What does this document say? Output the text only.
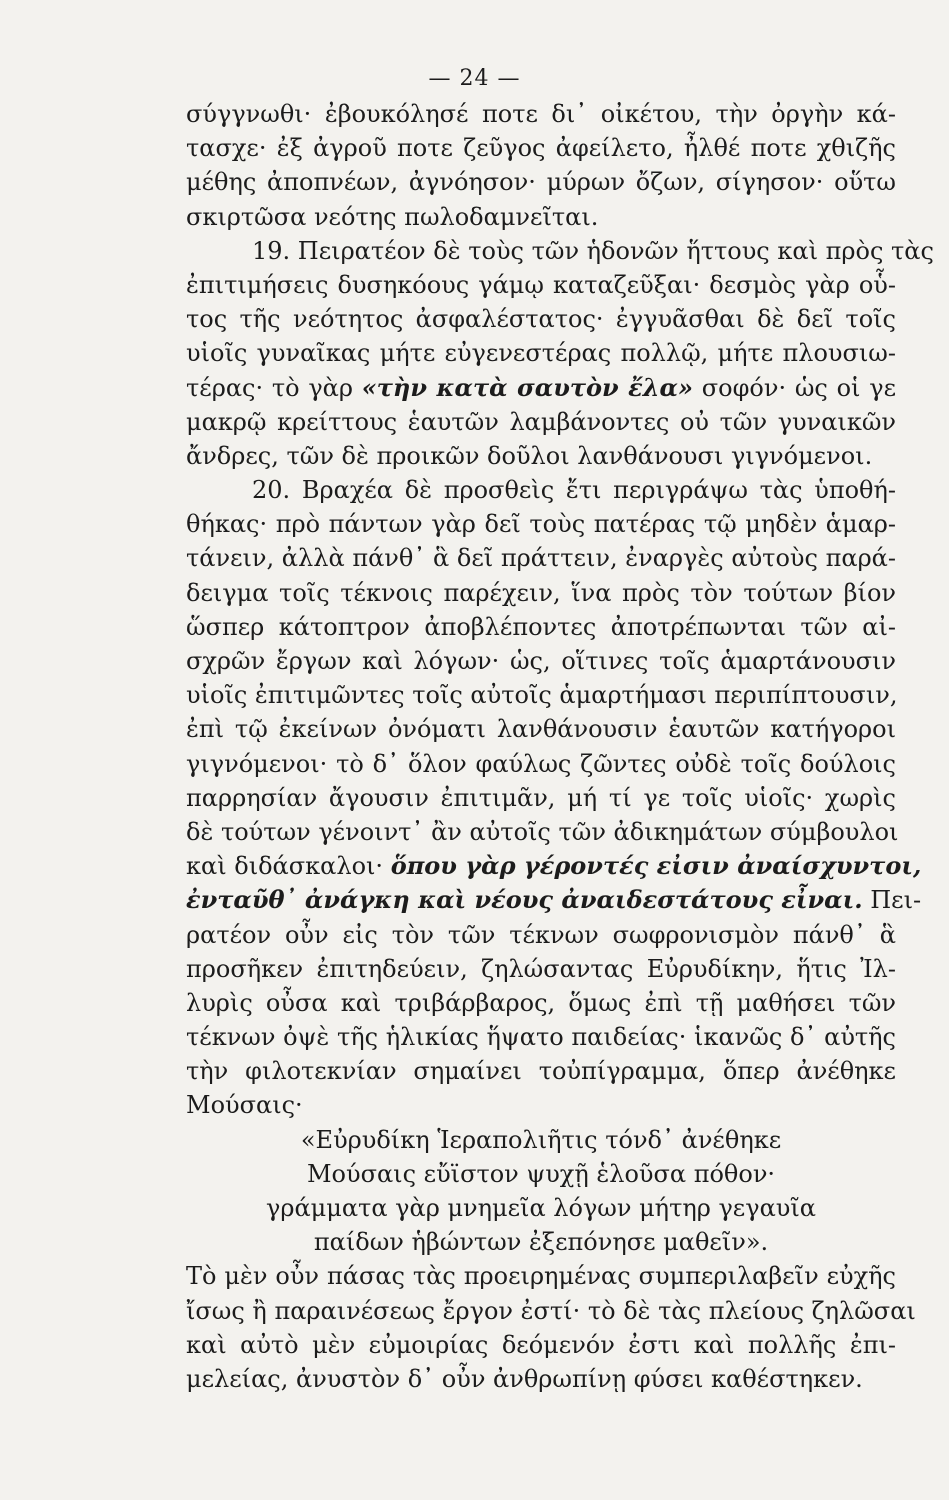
— 24 —
σύγγνωθι· ἐβουκόλησέ ποτε δι᾽ οἰκέτου, τὴν ὀργὴν κά-
τασχε· ἐξ ἀγροῦ ποτε ζεῦγος ἀφείλετο, ἦλθέ ποτε χθιζῆς
μέθης ἀποπνέων, ἀγνόησον· μύρων ὄζων, σίγησον· οὕτω
σκιρτῶσα νεότης πωλοδαμνεῖται.
19. Πειρατέον δὲ τοὺς τῶν ἡδονῶν ἥττους καὶ πρὸς τὰς
ἐπιτιμήσεις δυσηκόους γάμῳ καταζεῦξαι· δεσμὸς γὰρ οὗ-
τος τῆς νεότητος ἀσφαλέστατος· ἐγγυᾶσθαι δὲ δεῖ τοῖς
υἱοῖς γυναῖκας μήτε εὐγενεστέρας πολλῷ, μήτε πλουσιω-
τέρας· τὸ γὰρ «τὴν κατὰ σαυτὸν ἔλα» σοφόν· ὡς οἱ γε
μακρῷ κρείττους ἑαυτῶν λαμβάνοντες οὐ τῶν γυναικῶν
ἄνδρες, τῶν δὲ προικῶν δοῦλοι λανθάνουσι γιγνόμενοι.
20. Βραχέα δὲ προσθεὶς ἔτι περιγράψω τὰς ὑποθή-
θήκας· πρὸ πάντων γὰρ δεῖ τοὺς πατέρας τῷ μηδὲν ἁμαρ-
τάνειν, ἀλλὰ πάνθ᾽ ἃ δεῖ πράττειν, ἐναργὲς αὐτοὺς παρά-
δειγμα τοῖς τέκνοις παρέχειν, ἵνα πρὸς τὸν τούτων βίον
ὥσπερ κάτοπτρον ἀποβλέποντες ἀποτρέπωνται τῶν αἰ-
σχρῶν ἔργων καὶ λόγων· ὡς, οἵτινες τοῖς ἁμαρτάνουσιν
υἱοῖς ἐπιτιμῶντες τοῖς αὐτοῖς ἁμαρτήμασι περιπίπτουσιν,
ἐπὶ τῷ ἐκείνων ὀνόματι λανθάνουσιν ἑαυτῶν κατήγοροι
γιγνόμενοι· τὸ δ᾽ ὅλον φαύλως ζῶντες οὐδὲ τοῖς δούλοις
παρρησίαν ἄγουσιν ἐπιτιμᾶν, μή τί γε τοῖς υἱοῖς· χωρὶς
δὲ τούτων γένοιντ᾽ ἂν αὐτοῖς τῶν ἀδικημάτων σύμβουλοι
καὶ διδάσκαλοι· ὅπου γὰρ γέροντές εἰσιν ἀναίσχυντοι,
ἐνταῦθ᾽ ἀνάγκη καὶ νέους ἀναιδεστάτους εἶναι. Πει-
ρατέον οὖν εἰς τὸν τῶν τέκνων σωφρονισμὸν πάνθ᾽ ἃ
προσῆκεν ἐπιτηδεύειν, ζηλώσαντας Εὐρυδίκην, ἥτις Ἰλ-
λυρὶς οὖσα καὶ τριβάρβαρος, ὅμως ἐπὶ τῇ μαθήσει τῶν
τέκνων ὀψὲ τῆς ἡλικίας ἥψατο παιδείας· ἱκανῶς δ᾽ αὐτῆς
τὴν φιλοτεκνίαν σημαίνει τοὐπίγραμμα, ὅπερ ἀνέθηκε
Μούσαις·
«Εὐρυδίκη Ἱεραπολιῆτις τόνδ᾽ ἀνέθηκε
Μούσαις εὔϊστον ψυχῇ ἑλοῦσα πόθον·
γράμματα γὰρ μνημεῖα λόγων μήτηρ γεγαυῖα
παίδων ἡβώντων ἐξεπόνησε μαθεῖν».
Τὸ μὲν οὖν πάσας τὰς προειρημένας συμπεριλαβεῖν εὐχῆς
ἴσως ἢ παραινέσεως ἔργον ἐστί· τὸ δὲ τὰς πλείους ζηλῶσαι
καὶ αὐτὸ μὲν εὐμοιρίας δεόμενόν ἐστι καὶ πολλῆς ἐπι-
μελείας, ἀνυστὸν δ᾽ οὖν ἀνθρωπίνῃ φύσει καθέστηκεν.
